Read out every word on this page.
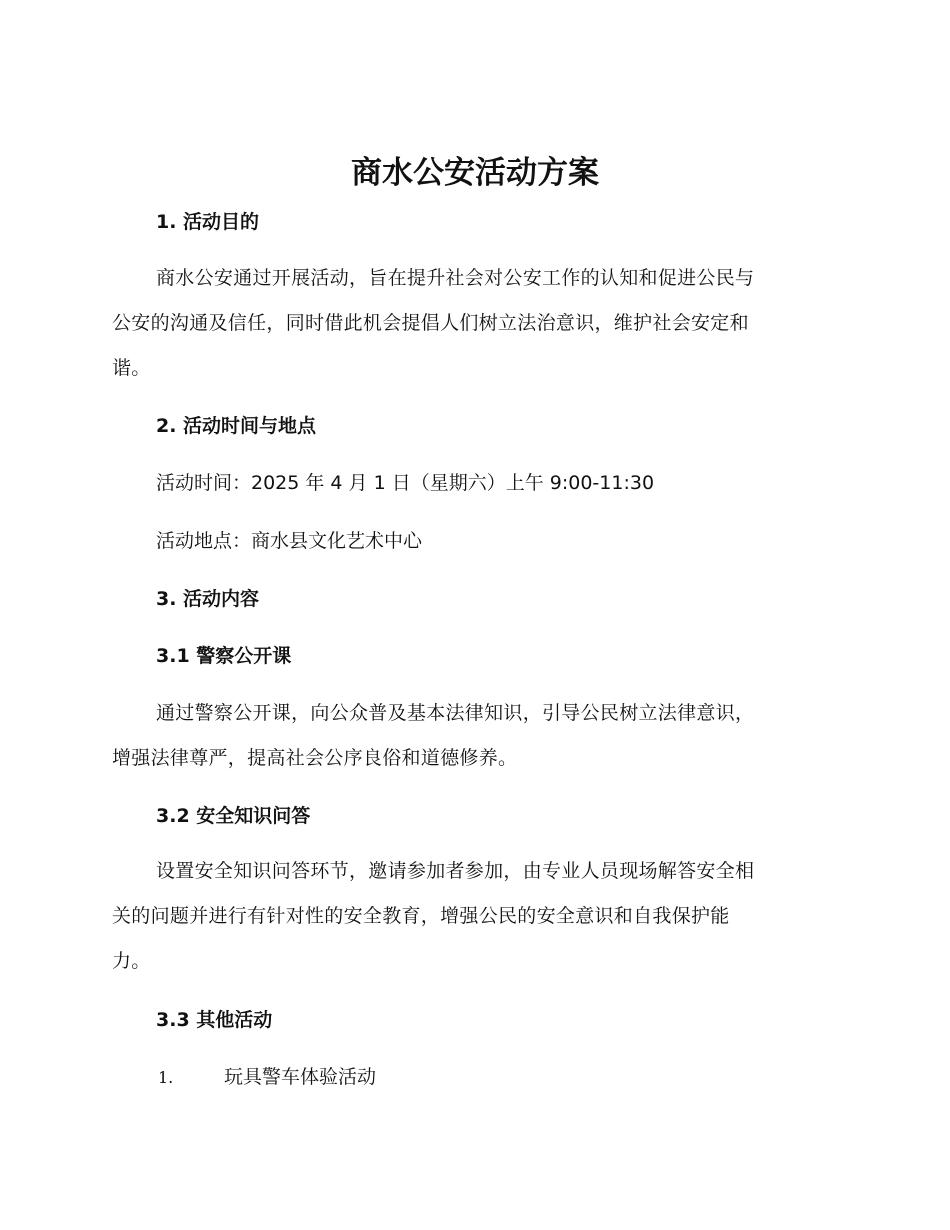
商水公安活动方案
1. 活动目的
商水公安通过开展活动，旨在提升社会对公安工作的认知和促进公民与
公安的沟通及信任，同时借此机会提倡人们树立法治意识，维护社会安定和
谐。
2. 活动时间与地点
活动时间：2025 年 4 月 1 日（星期六）上午 9:00-11:30
活动地点：商水县文化艺术中心
3. 活动内容
3.1 警察公开课
通过警察公开课，向公众普及基本法律知识，引导公民树立法律意识，
增强法律尊严，提高社会公序良俗和道德修养。
3.2 安全知识问答
设置安全知识问答环节，邀请参加者参加，由专业人员现场解答安全相
关的问题并进行有针对性的安全教育，增强公民的安全意识和自我保护能
力。
3.3 其他活动
1.	玩具警车体验活动
